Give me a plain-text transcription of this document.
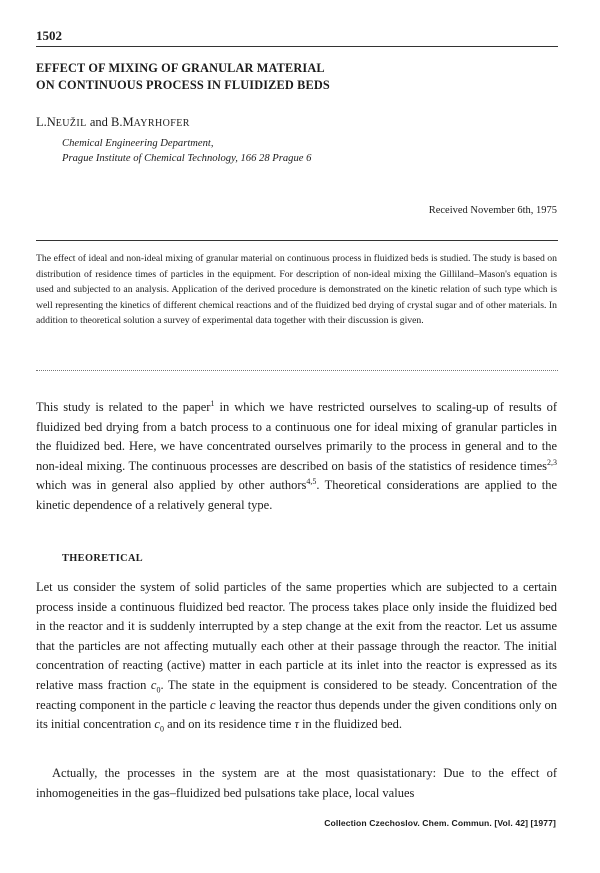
1502
EFFECT OF MIXING OF GRANULAR MATERIAL
ON CONTINUOUS PROCESS IN FLUIDIZED BEDS
L.NEUŽIL and B.MAYRHOFER
Chemical Engineering Department,
Prague Institute of Chemical Technology, 166 28 Prague 6
Received November 6th, 1975

The effect of ideal and non-ideal mixing of granular material on continuous process in fluidized beds is studied. The study is based on distribution of residence times of particles in the equipment. For description of non-ideal mixing the Gilliland–Mason's equation is used and subjected to an analysis. Application of the derived procedure is demonstrated on the kinetic relation of such type which is well representing the kinetics of different chemical reactions and of the fluidized bed drying of crystal sugar and of other materials. In addition to theoretical solution a survey of experimental data together with their discussion is given.

This study is related to the paper$^1$ in which we have restricted ourselves to scaling-up of results of fluidized bed drying from a batch process to a continuous one for ideal mixing of granular particles in the fluidized bed. Here, we have concentrated ourselves primarily to the process in general and to the non-ideal mixing. The continuous processes are described on basis of the statistics of residence times$^{2,3}$ which was in general also applied by other authors$^{4,5}$. Theoretical considerations are applied to the kinetic dependence of a relatively general type.

THEORETICAL

Let us consider the system of solid particles of the same properties which are subjected to a certain process inside a continuous fluidized bed reactor. The process takes place only inside the fluidized bed in the reactor and it is suddenly interrupted by a step change at the exit from the reactor. Let us assume that the particles are not affecting mutually each other at their passage through the reactor. The initial concentration of reacting (active) matter in each particle at its inlet into the reactor is expressed as its relative mass fraction $c_0$. The state in the equipment is considered to be steady. Concentration of the reacting component in the particle c leaving the reactor thus depends under the given conditions only on its initial concentration $c_0$ and on its residence time τ in the fluidized bed.

Actually, the processes in the system are at the most quasistationary: Due to the effect of inhomogeneities in the gas–fluidized bed pulsations take place, local values

Collection Czechoslov. Chem. Commun. [Vol. 42] [1977]
